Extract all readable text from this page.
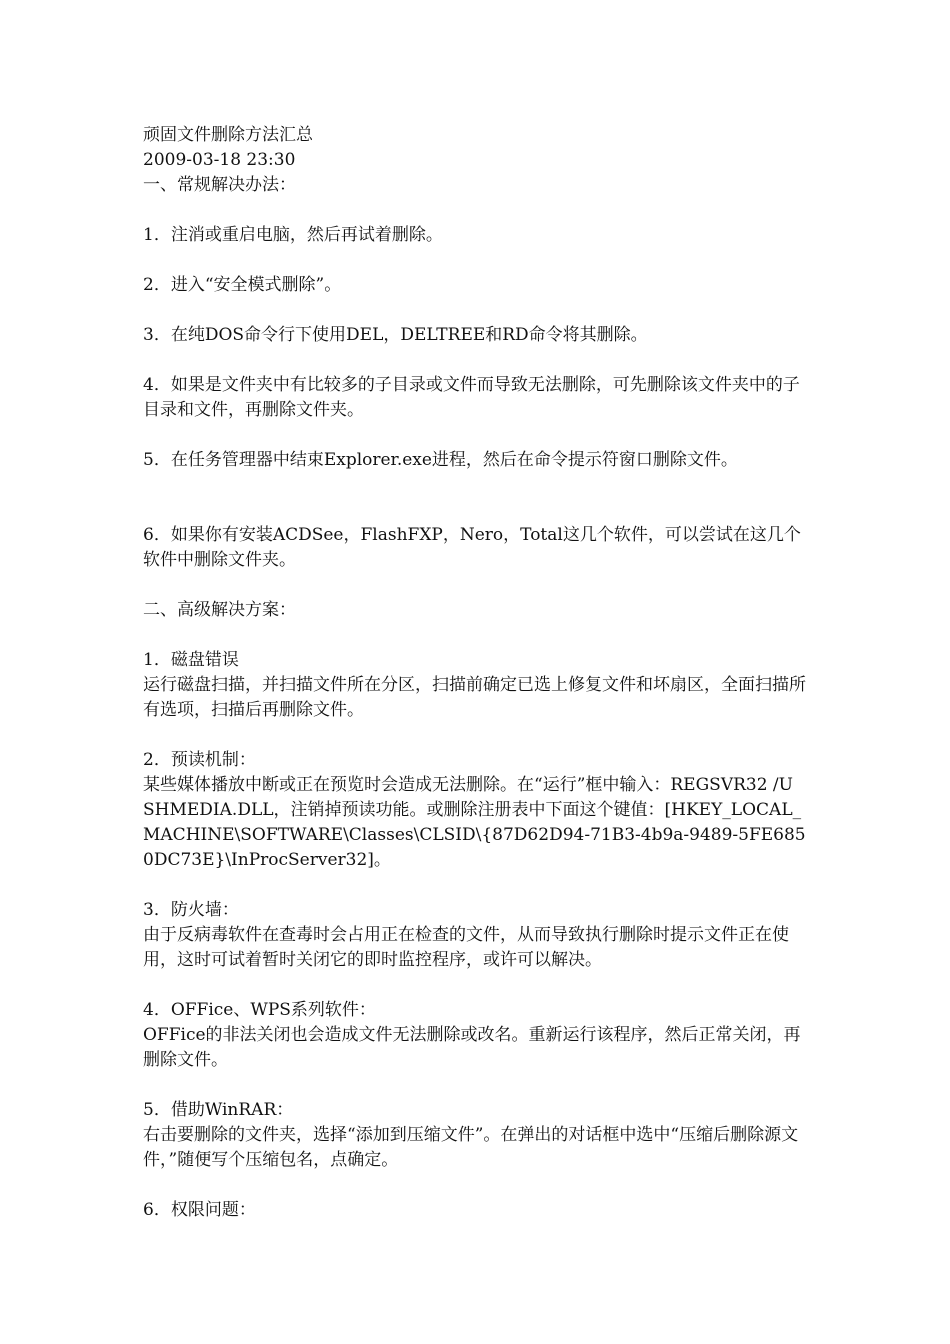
顽固文件删除方法汇总
2009-03-18 23:30
一、常规解决办法：
1．注消或重启电脑，然后再试着删除。
2．进入“安全模式删除”。
3．在纯DOS命令行下使用DEL，DELTREE和RD命令将其删除。
4．如果是文件夹中有比较多的子目录或文件而导致无法删除，可先删除该文件夹中的子目录和文件，再删除文件夹。
5．在任务管理器中结束Explorer.exe进程，然后在命令提示符窗口删除文件。
6．如果你有安装ACDSee，FlashFXP，Nero，Total这几个软件，可以尝试在这几个软件中删除文件夹。
二、高级解决方案：
1．磁盘错误
运行磁盘扫描，并扫描文件所在分区，扫描前确定已选上修复文件和坏扇区，全面扫描所有选项，扫描后再删除文件。
2．预读机制：
某些媒体播放中断或正在预览时会造成无法删除。在“运行”框中输入：REGSVR32 /U SHMEDIA.DLL，注销掉预读功能。或删除注册表中下面这个键值：[HKEY_LOCAL_MACHINE\SOFTWARE\Classes\CLSID\{87D62D94-71B3-4b9a-9489-5FE6850DC73E}\InProcServer32]。
3．防火墙：
由于反病毒软件在查毒时会占用正在检查的文件，从而导致执行删除时提示文件正在使用，这时可试着暂时关闭它的即时监控程序，或许可以解决。
4．OFFice、WPS系列软件：
OFFice的非法关闭也会造成文件无法删除或改名。重新运行该程序，然后正常关闭，再删除文件。
5．借助WinRAR：
右击要删除的文件夹，选择“添加到压缩文件”。在弹出的对话框中选中“压缩后删除源文件，”随便写个压缩包名，点确定。
6．权限问题：
